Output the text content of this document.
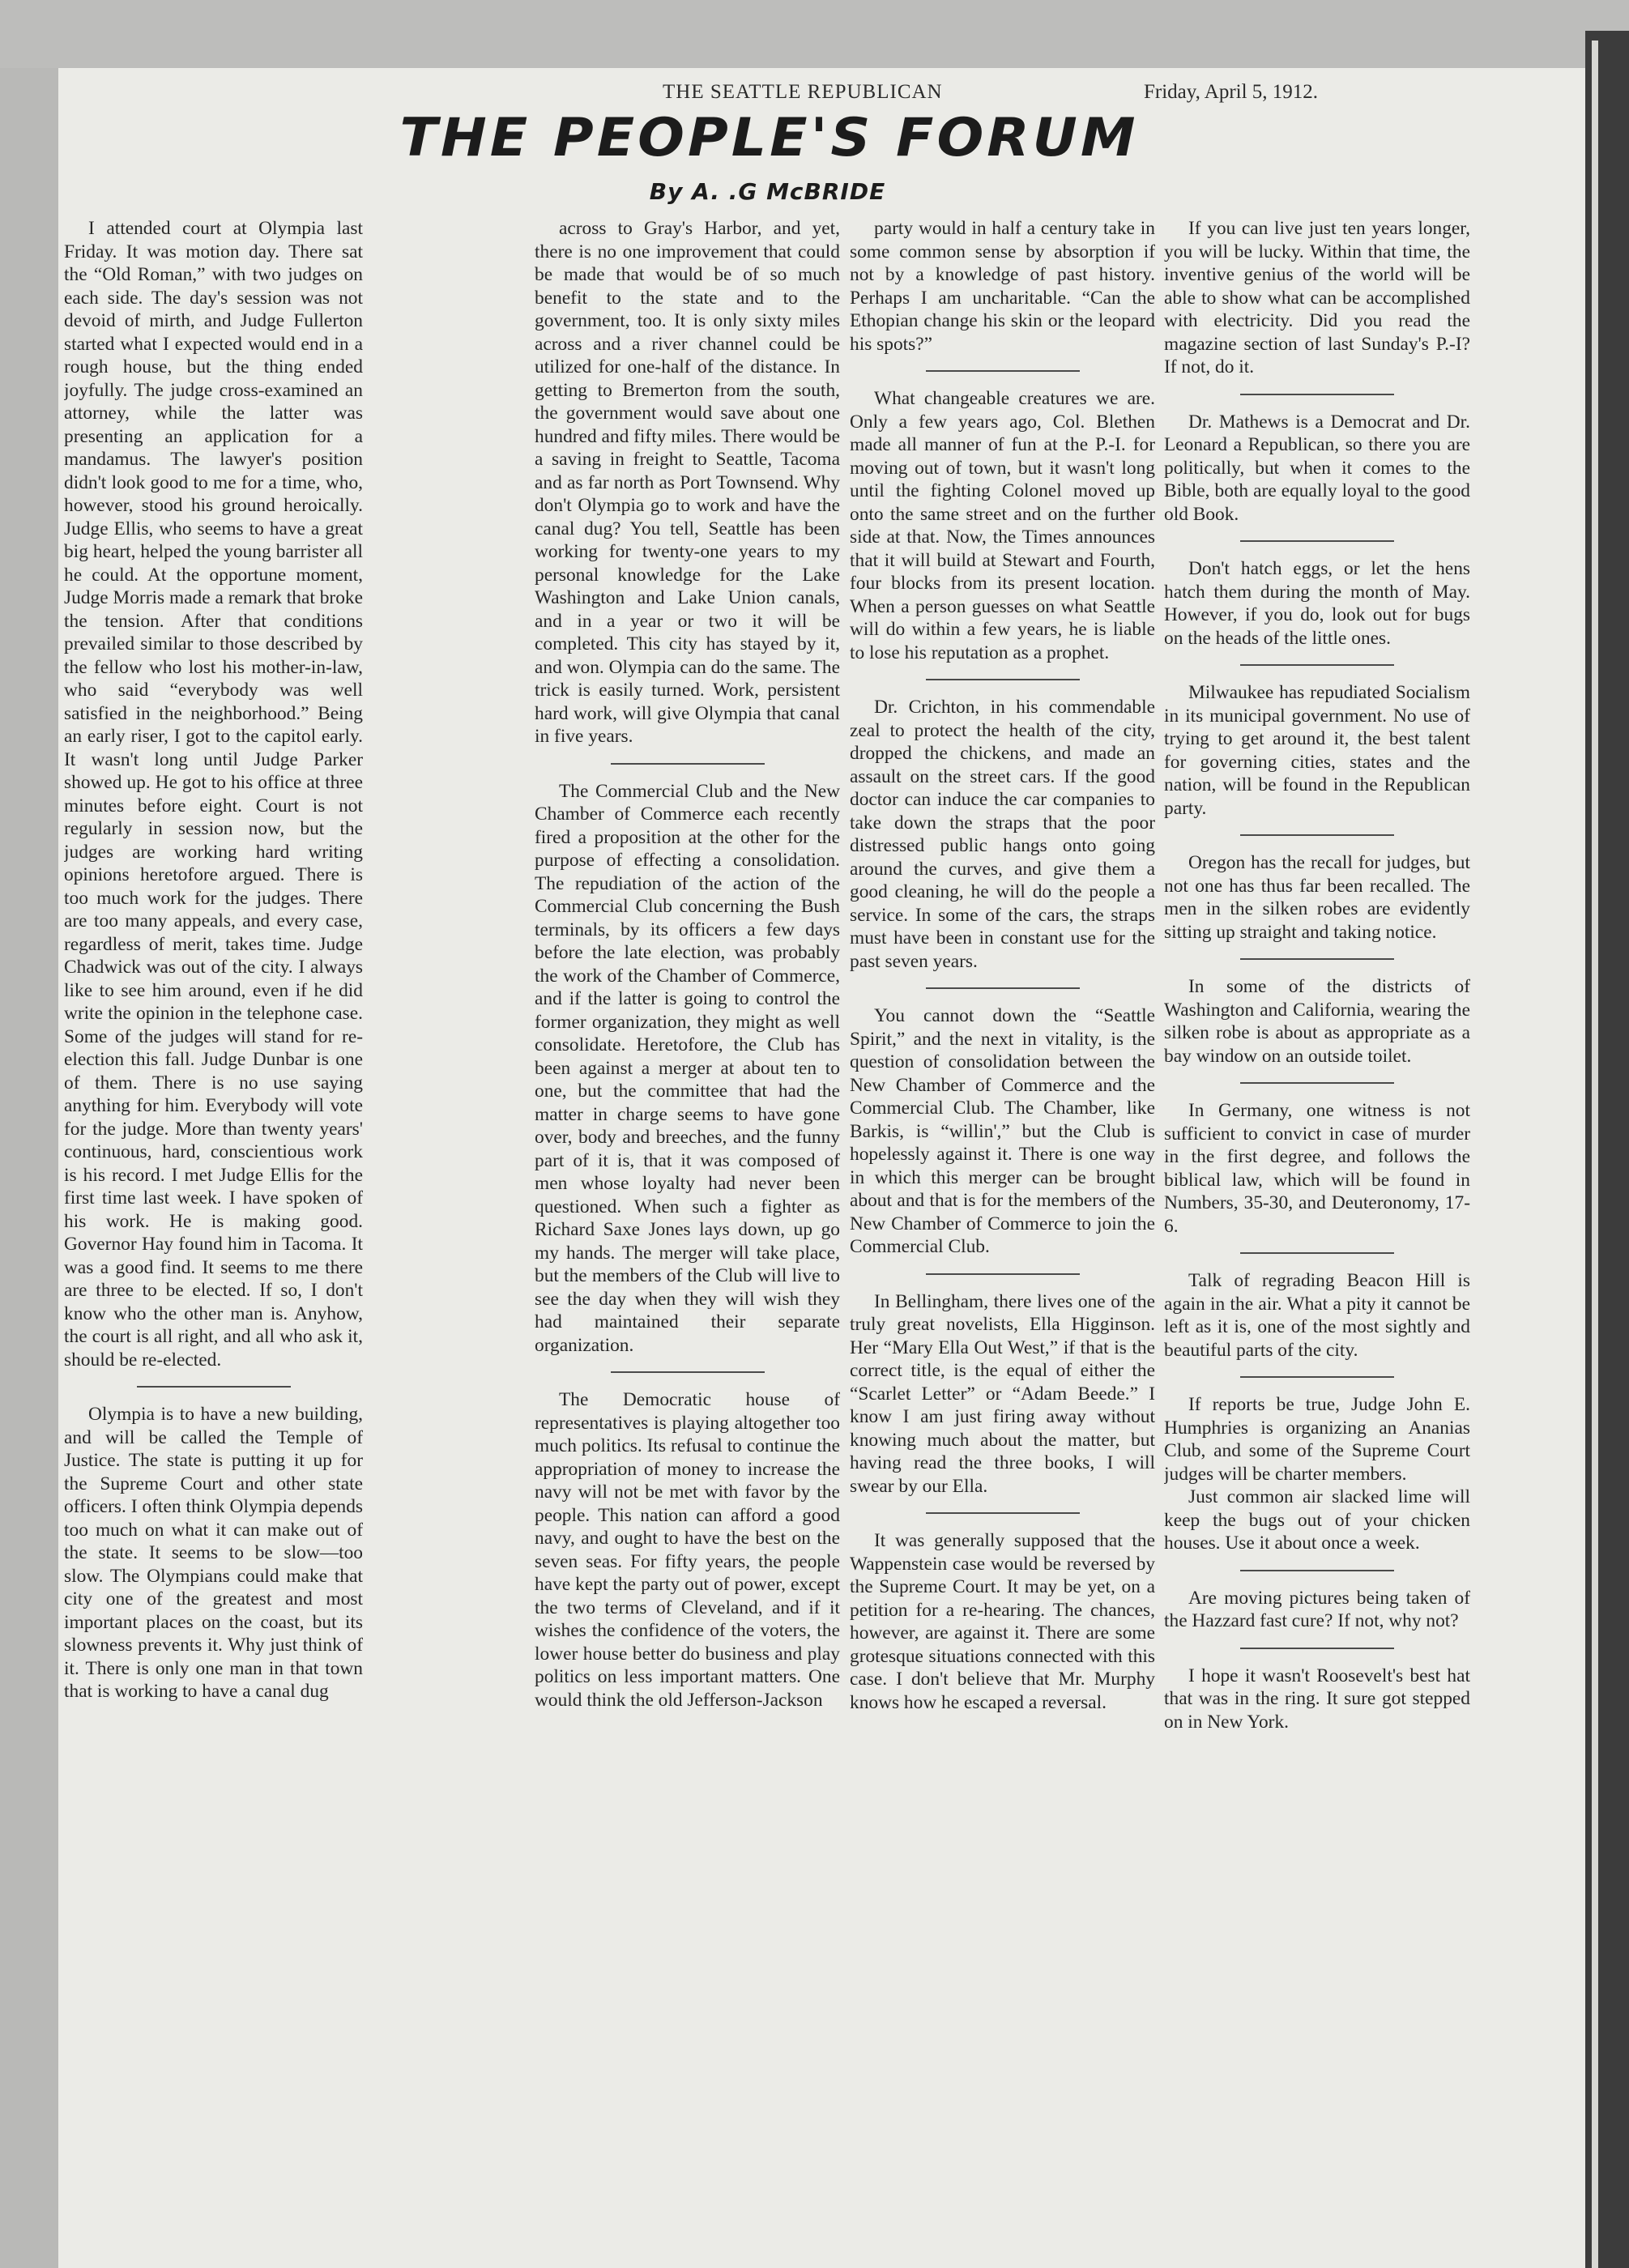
THE SEATTLE REPUBLICAN	Friday, April 5, 1912.
THE PEOPLE'S FORUM
By A. .G McBRIDE

I attended court at Olympia last Friday. It was motion day. There sat the “Old Roman,” with two judges on each side. The day's session was not devoid of mirth, and Judge Fullerton started what I expected would end in a rough house, but the thing ended joyfully. The judge cross-examined an attorney, while the latter was presenting an application for a mandamus. The lawyer's position didn't look good to me for a time, who, however, stood his ground heroically. Judge Ellis, who seems to have a great big heart, helped the young barrister all he could. At the opportune moment, Judge Morris made a remark that broke the tension. After that conditions prevailed similar to those described by the fellow who lost his mother-in-law, who said “everybody was well satisfied in the neighborhood.” Being an early riser, I got to the capitol early. It wasn't long until Judge Parker showed up. He got to his office at three minutes before eight. Court is not regularly in session now, but the judges are working hard writing opinions heretofore argued. There is too much work for the judges. There are too many appeals, and every case, regardless of merit, takes time. Judge Chadwick was out of the city. I always like to see him around, even if he did write the opinion in the telephone case. Some of the judges will stand for re-election this fall. Judge Dunbar is one of them. There is no use saying anything for him. Everybody will vote for the judge. More than twenty years' continuous, hard, conscientious work is his record. I met Judge Ellis for the first time last week. I have spoken of his work. He is making good. Governor Hay found him in Tacoma. It was a good find. It seems to me there are three to be elected. If so, I don't know who the other man is. Anyhow, the court is all right, and all who ask it, should be re-elected.

Olympia is to have a new building, and will be called the Temple of Justice. The state is putting it up for the Supreme Court and other state officers. I often think Olympia depends too much on what it can make out of the state. It seems to be slow—too slow. The Olympians could make that city one of the greatest and most important places on the coast, but its slowness prevents it. Why just think of it. There is only one man in that town that is working to have a canal dug

across to Gray's Harbor, and yet, there is no one improvement that could be made that would be of so much benefit to the state and to the government, too. It is only sixty miles across and a river channel could be utilized for one-half of the distance. In getting to Bremerton from the south, the government would save about one hundred and fifty miles. There would be a saving in freight to Seattle, Tacoma and as far north as Port Townsend. Why don't Olympia go to work and have the canal dug? You tell, Seattle has been working for twenty-one years to my personal knowledge for the Lake Washington and Lake Union canals, and in a year or two it will be completed. This city has stayed by it, and won. Olympia can do the same. The trick is easily turned. Work, persistent hard work, will give Olympia that canal in five years.

The Commercial Club and the New Chamber of Commerce each recently fired a proposition at the other for the purpose of effecting a consolidation. The repudiation of the action of the Commercial Club concerning the Bush terminals, by its officers a few days before the late election, was probably the work of the Chamber of Commerce, and if the latter is going to control the former organization, they might as well consolidate. Heretofore, the Club has been against a merger at about ten to one, but the committee that had the matter in charge seems to have gone over, body and breeches, and the funny part of it is, that it was composed of men whose loyalty had never been questioned. When such a fighter as Richard Saxe Jones lays down, up go my hands. The merger will take place, but the members of the Club will live to see the day when they will wish they had maintained their separate organization.

The Democratic house of representatives is playing altogether too much politics. Its refusal to continue the appropriation of money to increase the navy will not be met with favor by the people. This nation can afford a good navy, and ought to have the best on the seven seas. For fifty years, the people have kept the party out of power, except the two terms of Cleveland, and if it wishes the confidence of the voters, the lower house better do business and play politics on less important matters. One would think the old Jefferson-Jackson

party would in half a century take in some common sense by absorption if not by a knowledge of past history. Perhaps I am uncharitable. “Can the Ethopian change his skin or the leopard his spots?”

What changeable creatures we are. Only a few years ago, Col. Blethen made all manner of fun at the P.-I. for moving out of town, but it wasn't long until the fighting Colonel moved up onto the same street and on the further side at that. Now, the Times announces that it will build at Stewart and Fourth, four blocks from its present location. When a person guesses on what Seattle will do within a few years, he is liable to lose his reputation as a prophet.

Dr. Crichton, in his commendable zeal to protect the health of the city, dropped the chickens, and made an assault on the street cars. If the good doctor can induce the car companies to take down the straps that the poor distressed public hangs onto going around the curves, and give them a good cleaning, he will do the people a service. In some of the cars, the straps must have been in constant use for the past seven years.

You cannot down the “Seattle Spirit,” and the next in vitality, is the question of consolidation between the New Chamber of Commerce and the Commercial Club. The Chamber, like Barkis, is “willin',” but the Club is hopelessly against it. There is one way in which this merger can be brought about and that is for the members of the New Chamber of Commerce to join the Commercial Club.

In Bellingham, there lives one of the truly great novelists, Ella Higginson. Her “Mary Ella Out West,” if that is the correct title, is the equal of either the “Scarlet Letter” or “Adam Beede.” I know I am just firing away without knowing much about the matter, but having read the three books, I will swear by our Ella.

It was generally supposed that the Wappenstein case would be reversed by the Supreme Court. It may be yet, on a petition for a re-hearing. The chances, however, are against it. There are some grotesque situations connected with this case. I don't believe that Mr. Murphy knows how he escaped a reversal.

If you can live just ten years longer, you will be lucky. Within that time, the inventive genius of the world will be able to show what can be accomplished with electricity. Did you read the magazine section of last Sunday's P.-I? If not, do it.

Dr. Mathews is a Democrat and Dr. Leonard a Republican, so there you are politically, but when it comes to the Bible, both are equally loyal to the good old Book.

Don't hatch eggs, or let the hens hatch them during the month of May. However, if you do, look out for bugs on the heads of the little ones.

Milwaukee has repudiated Socialism in its municipal government. No use of trying to get around it, the best talent for governing cities, states and the nation, will be found in the Republican party.

Oregon has the recall for judges, but not one has thus far been recalled. The men in the silken robes are evidently sitting up straight and taking notice.

In some of the districts of Washington and California, wearing the silken robe is about as appropriate as a bay window on an outside toilet.

In Germany, one witness is not sufficient to convict in case of murder in the first degree, and follows the biblical law, which will be found in Numbers, 35-30, and Deuteronomy, 17-6.

Talk of regrading Beacon Hill is again in the air. What a pity it cannot be left as it is, one of the most sightly and beautiful parts of the city.

If reports be true, Judge John E. Humphries is organizing an Ananias Club, and some of the Supreme Court judges will be charter members.

Just common air slacked lime will keep the bugs out of your chicken houses. Use it about once a week.

Are moving pictures being taken of the Hazzard fast cure? If not, why not?

I hope it wasn't Roosevelt's best hat that was in the ring. It sure got stepped on in New York.
